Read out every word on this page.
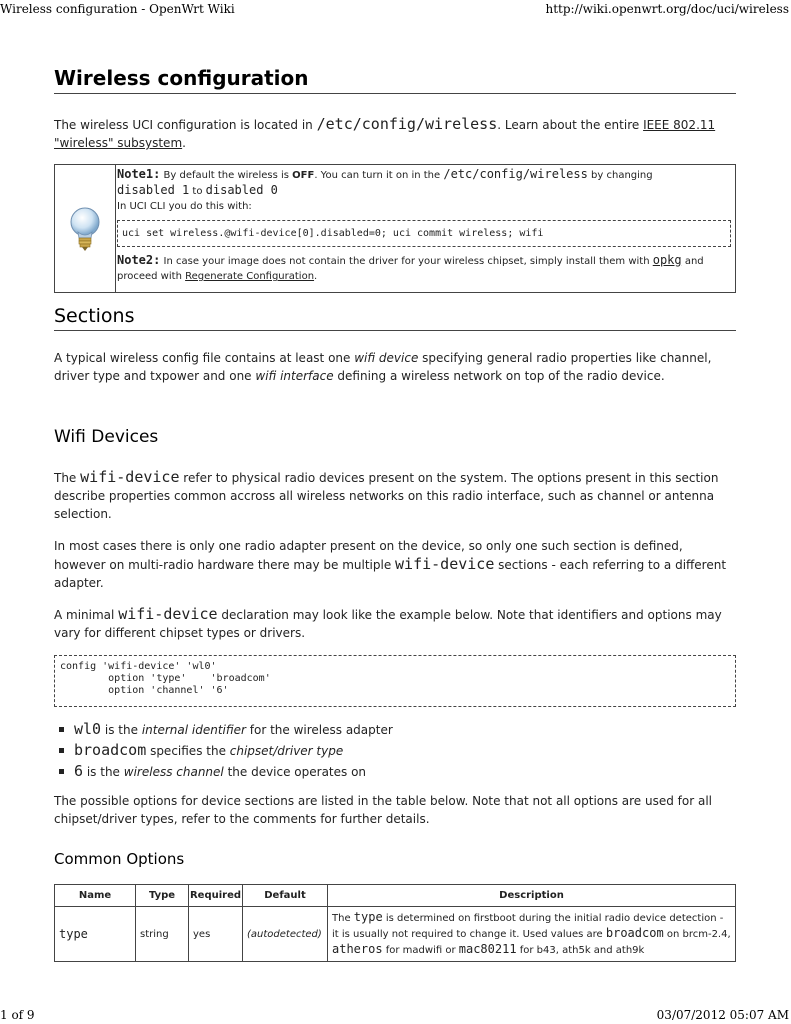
Wireless configuration - OpenWrt Wiki	http://wiki.openwrt.org/doc/uci/wireless
Wireless configuration

The wireless UCI configuration is located in /etc/config/wireless. Learn about the entire IEEE 802.11 "wireless" subsystem.

Note1: By default the wireless is OFF. You can turn it on in the /etc/config/wireless by changing
disabled 1 to disabled 0
In UCI CLI you do this with:
uci set wireless.@wifi-device[0].disabled=0; uci commit wireless; wifi
Note2: In case your image does not contain the driver for your wireless chipset, simply install them with opkg and proceed with Regenerate Configuration.
Sections

A typical wireless config file contains at least one wifi device specifying general radio properties like channel, driver type and txpower and one wifi interface defining a wireless network on top of the radio device.

Wifi Devices

The wifi-device refer to physical radio devices present on the system. The options present in this section describe properties common accross all wireless networks on this radio interface, such as channel or antenna selection.

In most cases there is only one radio adapter present on the device, so only one such section is defined, however on multi-radio hardware there may be multiple wifi-device sections - each referring to a different adapter.

A minimal wifi-device declaration may look like the example below. Note that identifiers and options may vary for different chipset types or drivers.

config 'wifi-device' 'wl0'
option 'type'    'broadcom'
option 'channel' '6'
wl0 is the internal identifier for the wireless adapter
broadcom specifies the chipset/driver type
6 is the wireless channel the device operates on

The possible options for device sections are listed in the table below. Note that not all options are used for all chipset/driver types, refer to the comments for further details.

Common Options
Name	Type	Required	Default	Description
type	string	yes	(autodetected)	The type is determined on firstboot during the initial radio device detection - it is usually not required to change it. Used values are broadcom on brcm-2.4, atheros for madwifi or mac80211 for b43, ath5k and ath9k
1 of 9	03/07/2012 05:07 AM
